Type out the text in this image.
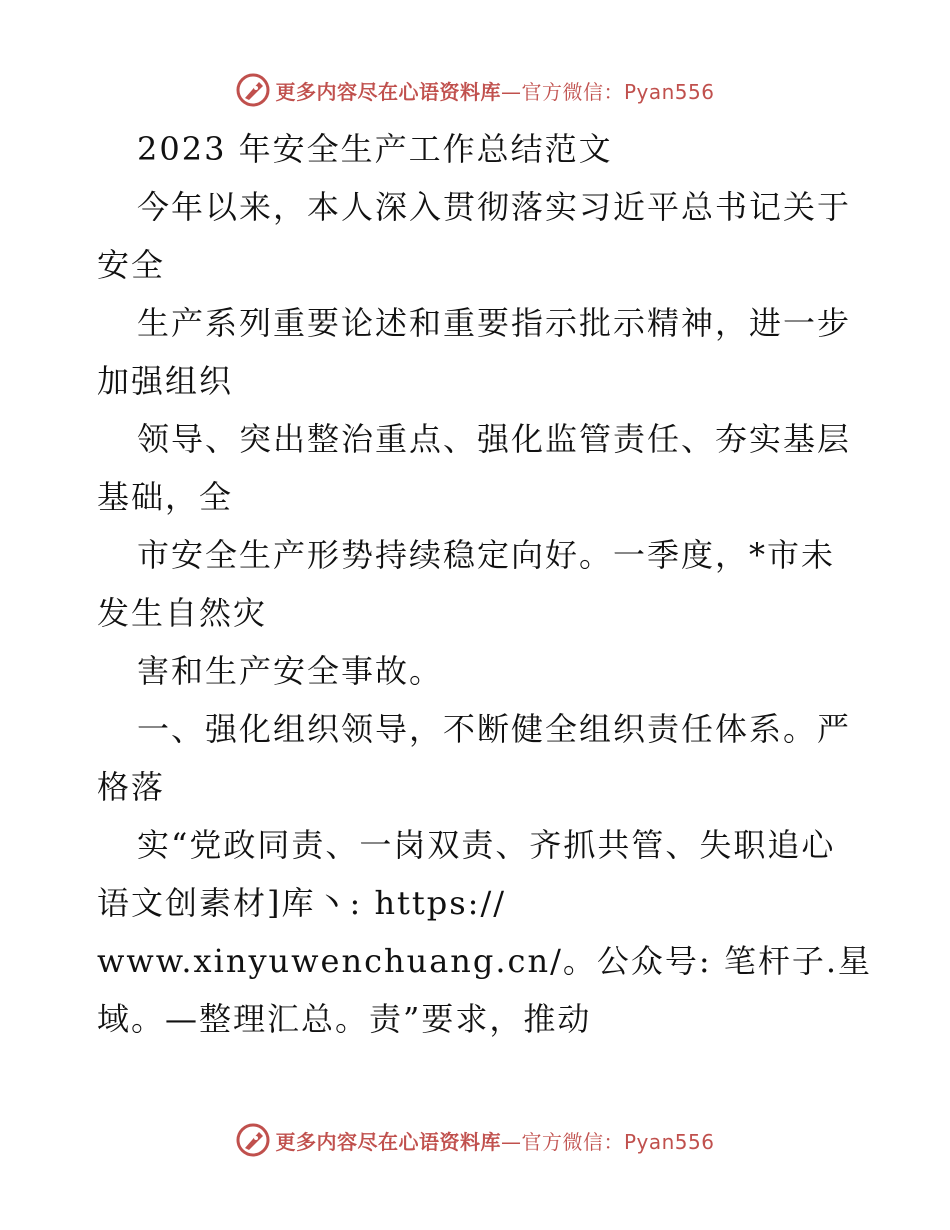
更多内容尽在心语资料库—官方微信：Pyan556
2023 年安全生产工作总结范文
今年以来，本人深入贯彻落实习近平总书记关于
安全
生产系列重要论述和重要指示批示精神，进一步
加强组织
领导、突出整治重点、强化监管责任、夯实基层
基础，全
市安全生产形势持续稳定向好。一季度，*市未
发生自然灾
害和生产安全事故。
一、强化组织领导，不断健全组织责任体系。严
格落
实“党政同责、一岗双责、齐抓共管、失职追心
语文创素材]库丶: https://
www.xinyuwenchuang.cn/。公众号: 笔杆子.星
域。—整理汇总。责”要求，推动
更多内容尽在心语资料库—官方微信：Pyan556
